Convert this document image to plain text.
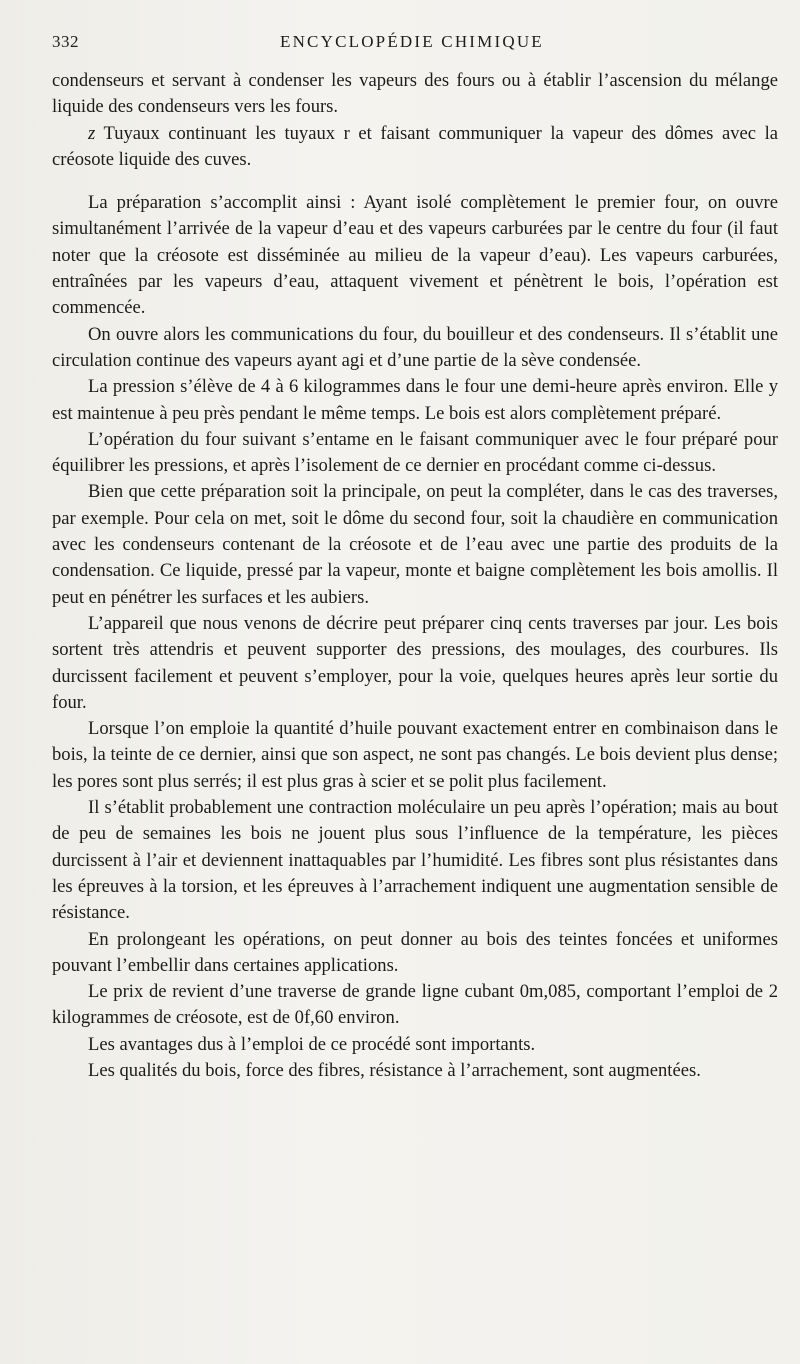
332	ENCYCLOPÉDIE CHIMIQUE

condenseurs et servant à condenser les vapeurs des fours ou à établir l’ascension du mélange liquide des condenseurs vers les fours.

z Tuyaux continuant les tuyaux r et faisant communiquer la vapeur des dômes avec la créosote liquide des cuves.

La préparation s’accomplit ainsi : Ayant isolé complètement le premier four, on ouvre simultanément l’arrivée de la vapeur d’eau et des vapeurs carburées par le centre du four (il faut noter que la créosote est disséminée au milieu de la vapeur d’eau). Les vapeurs carburées, entraînées par les vapeurs d’eau, attaquent vivement et pénètrent le bois, l’opération est commencée.

On ouvre alors les communications du four, du bouilleur et des condenseurs. Il s’établit une circulation continue des vapeurs ayant agi et d’une partie de la sève condensée.

La pression s’élève de 4 à 6 kilogrammes dans le four une demi-heure après environ. Elle y est maintenue à peu près pendant le même temps. Le bois est alors complètement préparé.

L’opération du four suivant s’entame en le faisant communiquer avec le four préparé pour équilibrer les pressions, et après l’isolement de ce dernier en procédant comme ci-dessus.

Bien que cette préparation soit la principale, on peut la compléter, dans le cas des traverses, par exemple. Pour cela on met, soit le dôme du second four, soit la chaudière en communication avec les condenseurs contenant de la créosote et de l’eau avec une partie des produits de la condensation. Ce liquide, pressé par la vapeur, monte et baigne complètement les bois amollis. Il peut en pénétrer les surfaces et les aubiers.

L’appareil que nous venons de décrire peut préparer cinq cents traverses par jour. Les bois sortent très attendris et peuvent supporter des pressions, des moulages, des courbures. Ils durcissent facilement et peuvent s’employer, pour la voie, quelques heures après leur sortie du four.

Lorsque l’on emploie la quantité d’huile pouvant exactement entrer en combinaison dans le bois, la teinte de ce dernier, ainsi que son aspect, ne sont pas changés. Le bois devient plus dense; les pores sont plus serrés; il est plus gras à scier et se polit plus facilement.

Il s’établit probablement une contraction moléculaire un peu après l’opération; mais au bout de peu de semaines les bois ne jouent plus sous l’influence de la température, les pièces durcissent à l’air et deviennent inattaquables par l’humidité. Les fibres sont plus résistantes dans les épreuves à la torsion, et les épreuves à l’arrachement indiquent une augmentation sensible de résistance.

En prolongeant les opérations, on peut donner au bois des teintes foncées et uniformes pouvant l’embellir dans certaines applications.

Le prix de revient d’une traverse de grande ligne cubant 0m,085, comportant l’emploi de 2 kilogrammes de créosote, est de 0f,60 environ.

Les avantages dus à l’emploi de ce procédé sont importants.

Les qualités du bois, force des fibres, résistance à l’arrachement, sont augmentées.
